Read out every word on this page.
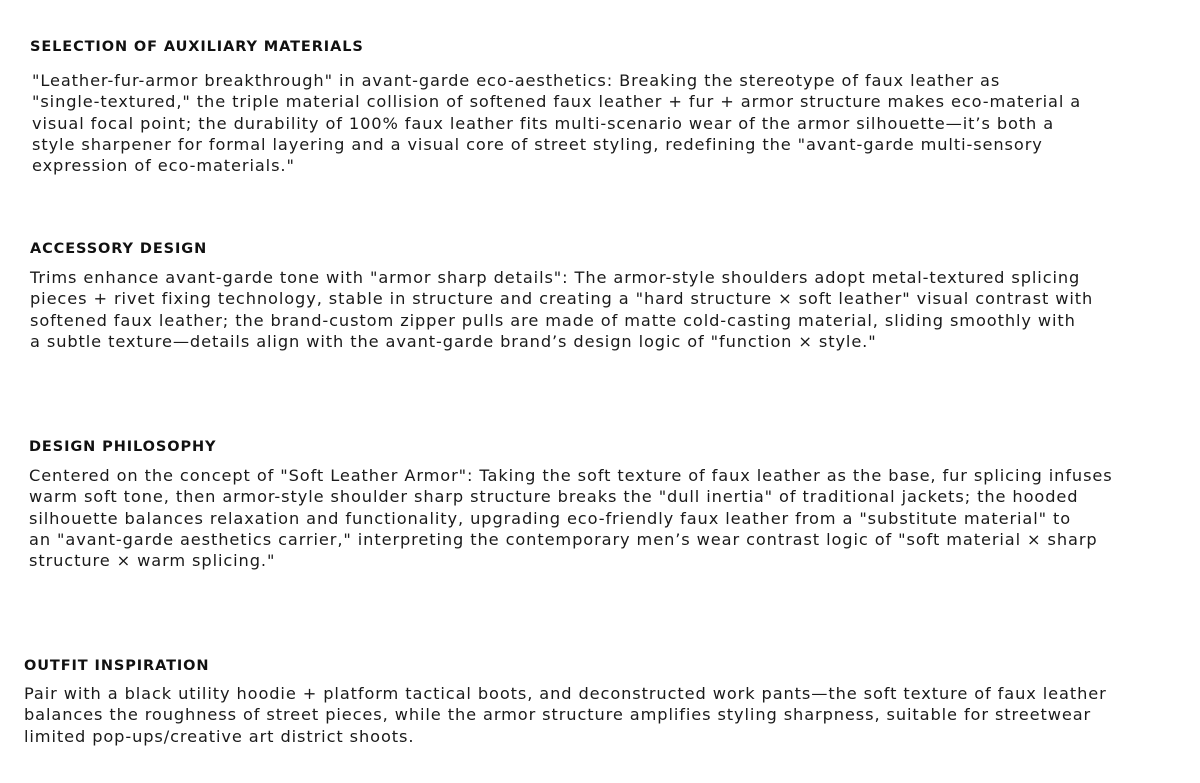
SELECTION OF AUXILIARY MATERIALS

"Leather-fur-armor breakthrough" in avant-garde eco-aesthetics: Breaking the stereotype of faux leather as
"single-textured," the triple material collision of softened faux leather + fur + armor structure makes eco-material a
visual focal point; the durability of 100% faux leather fits multi-scenario wear of the armor silhouette—it’s both a
style sharpener for formal layering and a visual core of street styling, redefining the "avant-garde multi-sensory
expression of eco-materials."

ACCESSORY DESIGN

Trims enhance avant-garde tone with "armor sharp details": The armor-style shoulders adopt metal-textured splicing
pieces + rivet fixing technology, stable in structure and creating a "hard structure × soft leather" visual contrast with
softened faux leather; the brand-custom zipper pulls are made of matte cold-casting material, sliding smoothly with
a subtle texture—details align with the avant-garde brand’s design logic of "function × style."

DESIGN PHILOSOPHY

Centered on the concept of "Soft Leather Armor": Taking the soft texture of faux leather as the base, fur splicing infuses
warm soft tone, then armor-style shoulder sharp structure breaks the "dull inertia" of traditional jackets; the hooded
silhouette balances relaxation and functionality, upgrading eco-friendly faux leather from a "substitute material" to
an "avant-garde aesthetics carrier," interpreting the contemporary men’s wear contrast logic of "soft material × sharp
structure × warm splicing."

OUTFIT INSPIRATION

Pair with a black utility hoodie + platform tactical boots, and deconstructed work pants—the soft texture of faux leather
balances the roughness of street pieces, while the armor structure amplifies styling sharpness, suitable for streetwear
limited pop-ups/creative art district shoots.
